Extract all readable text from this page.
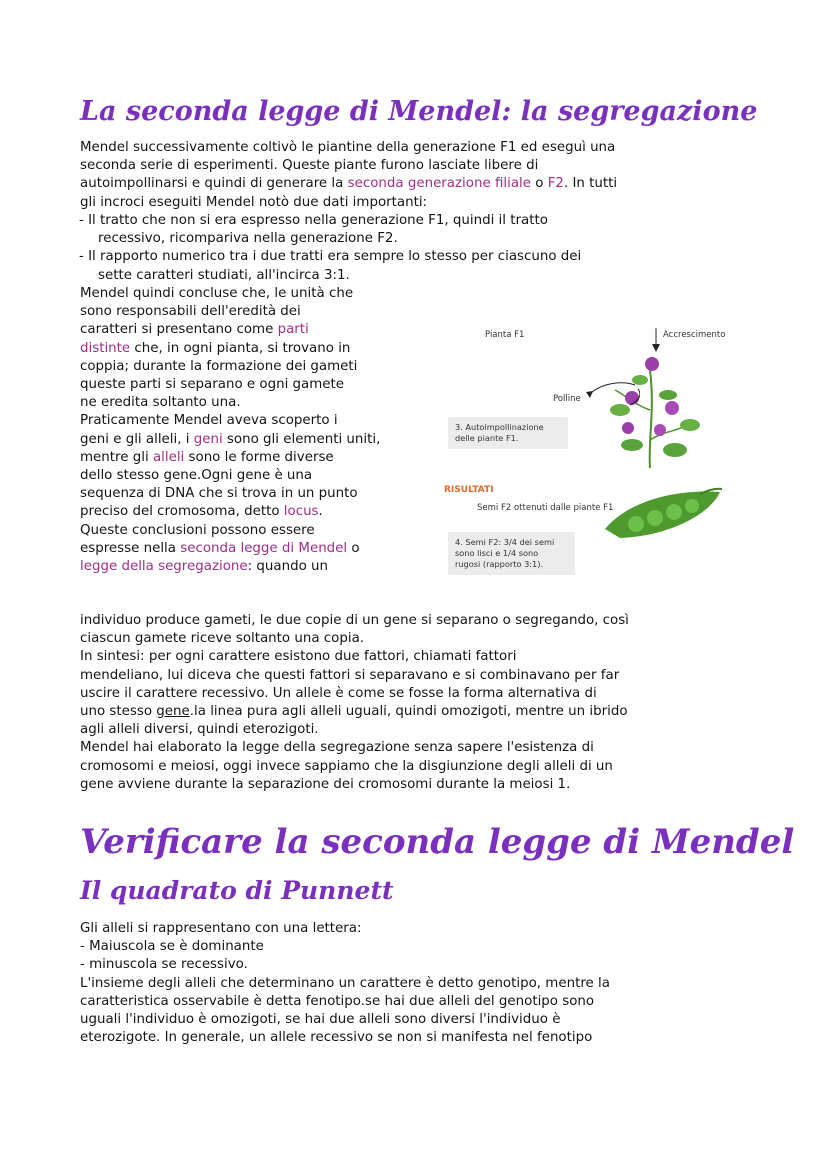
La seconda legge di Mendel: la segregazione
Mendel successivamente coltivò le piantine della generazione F1 ed eseguì una
seconda serie di esperimenti. Queste piante furono lasciate libere di
autoimpollinarsi e quindi di generare la seconda generazione filiale o F2. In tutti
gli incroci eseguiti Mendel notò due dati importanti:
- Il tratto che non si era espresso nella generazione F1, quindi il tratto
recessivo, ricompariva nella generazione F2.
- Il rapporto numerico tra i due tratti era sempre lo stesso per ciascuno dei
sette caratteri studiati, all'incirca 3:1.
Mendel quindi concluse che, le unità che
sono responsabili dell'eredità dei
caratteri si presentano come parti
distinte che, in ogni pianta, si trovano in
coppia; durante la formazione dei gameti
queste parti si separano e ogni gamete
ne eredita soltanto una.
Praticamente Mendel aveva scoperto i
geni e gli alleli, i geni sono gli elementi uniti,
mentre gli alleli sono le forme diverse
dello stesso gene.Ogni gene è una
sequenza di DNA che si trova in un punto
preciso del cromosoma, detto locus.
Queste conclusioni possono essere
espresse nella seconda legge di Mendel o
legge della segregazione: quando un
Pianta F1	Accrescimento
Polline
3. Autoimpollinazione
delle piante F1.
RISULTATI
Semi F2 ottenuti dalle piante F1
4. Semi F2: 3/4 dei semi
sono lisci e 1/4 sono
rugosi (rapporto 3:1).
individuo produce gameti, le due copie di un gene si separano o segregando, così
ciascun gamete riceve soltanto una copia.
In sintesi: per ogni carattere esistono due fattori, chiamati fattori
mendeliano, lui diceva che questi fattori si separavano e si combinavano per far
uscire il carattere recessivo. Un allele è come se fosse la forma alternativa di
uno stesso gene.la linea pura agli alleli uguali, quindi omozigoti, mentre un ibrido
agli alleli diversi, quindi eterozigoti.
Mendel hai elaborato la legge della segregazione senza sapere l'esistenza di
cromosomi e meiosi, oggi invece sappiamo che la disgiunzione degli alleli di un
gene avviene durante la separazione dei cromosomi durante la meiosi 1.
Verificare la seconda legge di Mendel
Il quadrato di Punnett
Gli alleli si rappresentano con una lettera:
- Maiuscola se è dominante
- minuscola se recessivo.
L'insieme degli alleli che determinano un carattere è detto genotipo, mentre la
caratteristica osservabile è detta fenotipo.se hai due alleli del genotipo sono
uguali l'individuo è omozigoti, se hai due alleli sono diversi l'individuo è
eterozigote. In generale, un allele recessivo se non si manifesta nel fenotipo
